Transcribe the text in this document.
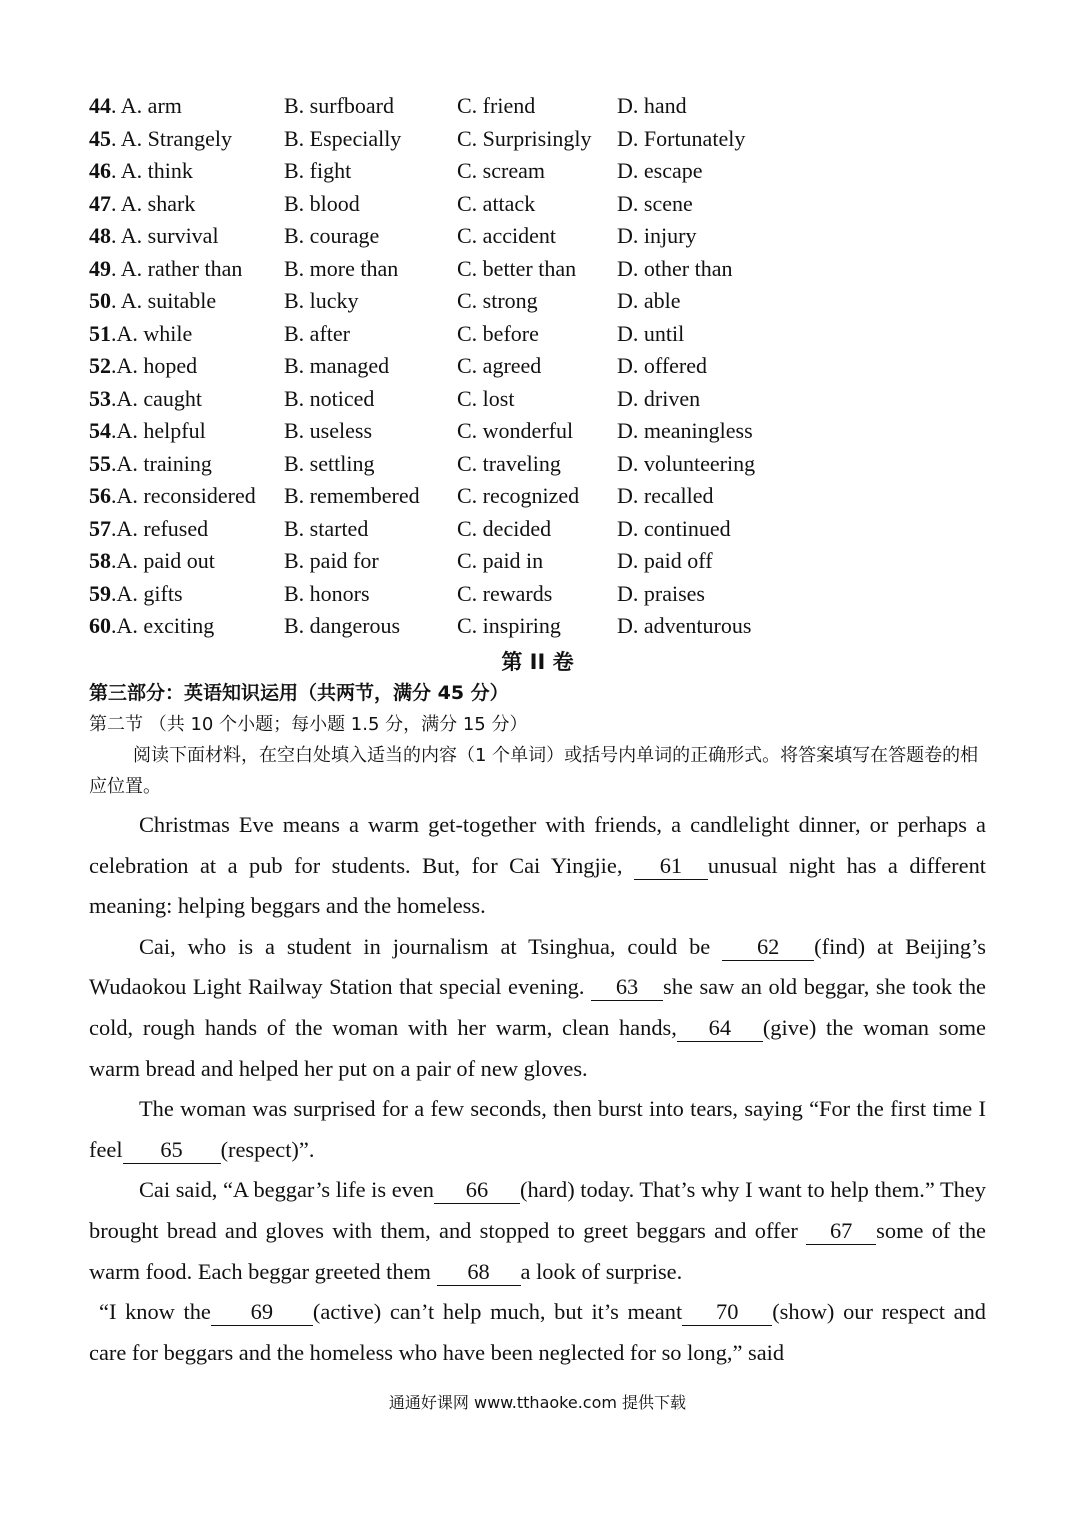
44. A. arm	B. surfboard	C. friend	D. hand
45. A. Strangely B. Especially	C. Surprisingly D. Fortunately
46. A. think	B. fight	C. scream	D. escape
47. A. shark	B. blood	C. attack	D. scene
48. A. survival	B. courage	C. accident	D. injury
49. A. rather than B. more than	C. better than D. other than
50. A. suitable	B. lucky	C. strong	D. able
51.A. while	B. after	C. before	D. until
52.A. hoped	B. managed	C. agreed	D. offered
53.A. caught	B. noticed	C. lost	D. driven
54.A. helpful	B. useless	C. wonderful D. meaningless
55.A. training	B. settling	C. traveling	D. volunteering
56.A. reconsidered B. remembered C. recognized D. recalled
57.A. refused	B. started	C. decided	D. continued
58.A. paid out	B. paid for	C. paid in	D. paid off
59.A. gifts	B. honors	C. rewards	D. praises
60.A. exciting	B. dangerous	C. inspiring	D. adventurous
第 II 卷
第三部分：英语知识运用（共两节，满分 45 分）
第二节 （共 10 个小题；每小题 1.5 分，满分 15 分）
阅读下面材料，在空白处填入适当的内容（1 个单词）或括号内单词的正确形式。将答案填写在答题卷的相应位置。

Christmas Eve means a warm get-together with friends, a candlelight dinner, or perhaps a celebration at a pub for students. But, for Cai Yingjie, 61 unusual night has a different meaning: helping beggars and the homeless.

Cai, who is a student in journalism at Tsinghua, could be 62 (find) at Beijing’s Wudaokou Light Railway Station that special evening. 63 she saw an old beggar, she took the cold, rough hands of the woman with her warm, clean hands, 64 (give) the woman some warm bread and helped her put on a pair of new gloves.

The woman was surprised for a few seconds, then burst into tears, saying “For the first time I feel 65 (respect)”.

Cai said, “A beggar’s life is even 66 (hard) today. That’s why I want to help them.” They brought bread and gloves with them, and stopped to greet beggars and offer 67 some of the warm food. Each beggar greeted them 68 a look of surprise.

“I know the 69 (active) can’t help much, but it’s meant 70 (show) our respect and care for beggars and the homeless who have been neglected for so long,” said

通通好课网 www.tthaoke.com 提供下载
